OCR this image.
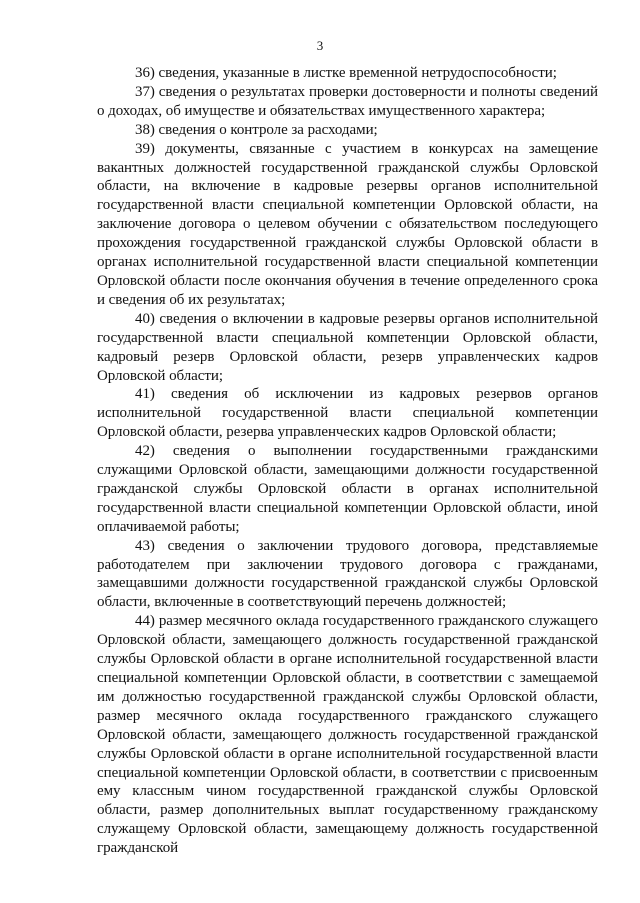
3

36) сведения, указанные в листке временной нетрудоспособности;

37) сведения о результатах проверки достоверности и полноты сведений о доходах, об имуществе и обязательствах имущественного характера;

38) сведения о контроле за расходами;

39) документы, связанные с участием в конкурсах на замещение вакантных должностей государственной гражданской службы Орловской области, на включение в кадровые резервы органов исполнительной государственной власти специальной компетенции Орловской области, на заключение договора о целевом обучении с обязательством последующего прохождения государственной гражданской службы Орловской области в органах исполнительной государственной власти специальной компетенции Орловской области после окончания обучения в течение определенного срока и сведения об их результатах;

40) сведения о включении в кадровые резервы органов исполнительной государственной власти специальной компетенции Орловской области, кадровый резерв Орловской области, резерв управленческих кадров Орловской области;

41) сведения об исключении из кадровых резервов органов исполнительной государственной власти специальной компетенции Орловской области, резерва управленческих кадров Орловской области;

42) сведения о выполнении государственными гражданскими служащими Орловской области, замещающими должности государственной гражданской службы Орловской области в органах исполнительной государственной власти специальной компетенции Орловской области, иной оплачиваемой работы;

43) сведения о заключении трудового договора, представляемые работодателем при заключении трудового договора с гражданами, замещавшими должности государственной гражданской службы Орловской области, включенные в соответствующий перечень должностей;

44) размер месячного оклада государственного гражданского служащего Орловской области, замещающего должность государственной гражданской службы Орловской области в органе исполнительной государственной власти специальной компетенции Орловской области, в соответствии с замещаемой им должностью государственной гражданской службы Орловской области, размер месячного оклада государственного гражданского служащего Орловской области, замещающего должность государственной гражданской службы Орловской области в органе исполнительной государственной власти специальной компетенции Орловской области, в соответствии с присвоенным ему классным чином государственной гражданской службы Орловской области, размер дополнительных выплат государственному гражданскому служащему Орловской области, замещающему должность государственной гражданской
